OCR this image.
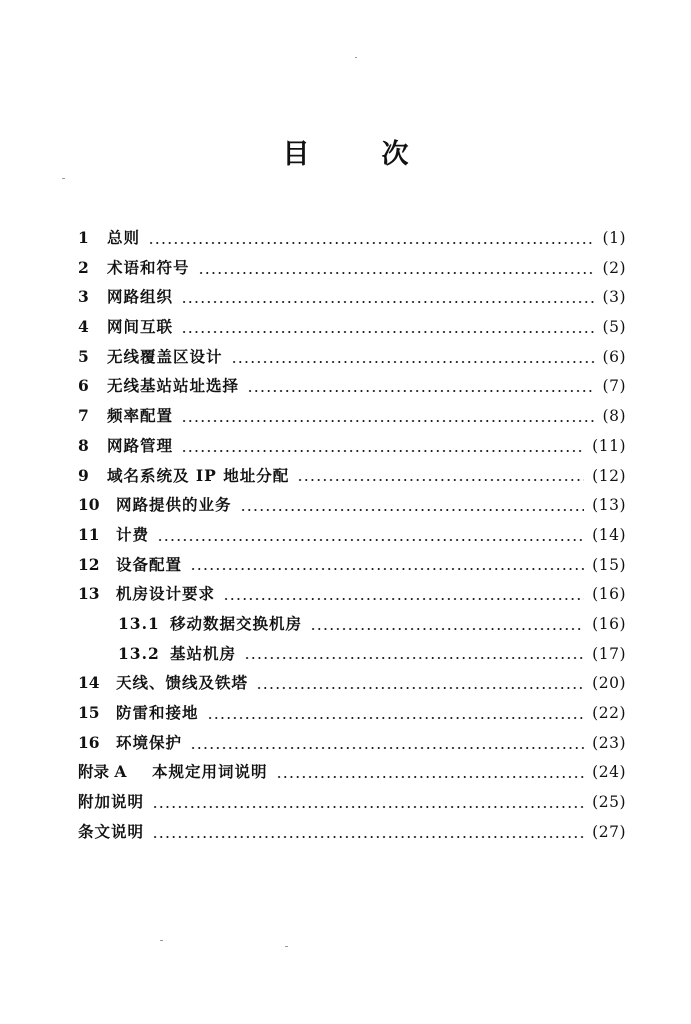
目	次
1	总则	(1)
2	术语和符号	(2)
3	网路组织	(3)
4	网间互联	(5)
5	无线覆盖区设计	(6)
6	无线基站站址选择	(7)
7	频率配置	(8)
8	网路管理	(11)
9	域名系统及 IP 地址分配	(12)
10	网路提供的业务	(13)
11	计费	(14)
12	设备配置	(15)
13	机房设计要求	(16)
13.1 移动数据交换机房	(16)
13.2 基站机房	(17)
14	天线、馈线及铁塔	(20)
15	防雷和接地	(22)
16	环境保护	(23)
附录 A	本规定用词说明	(24)
附加说明	(25)
条文说明	(27)
